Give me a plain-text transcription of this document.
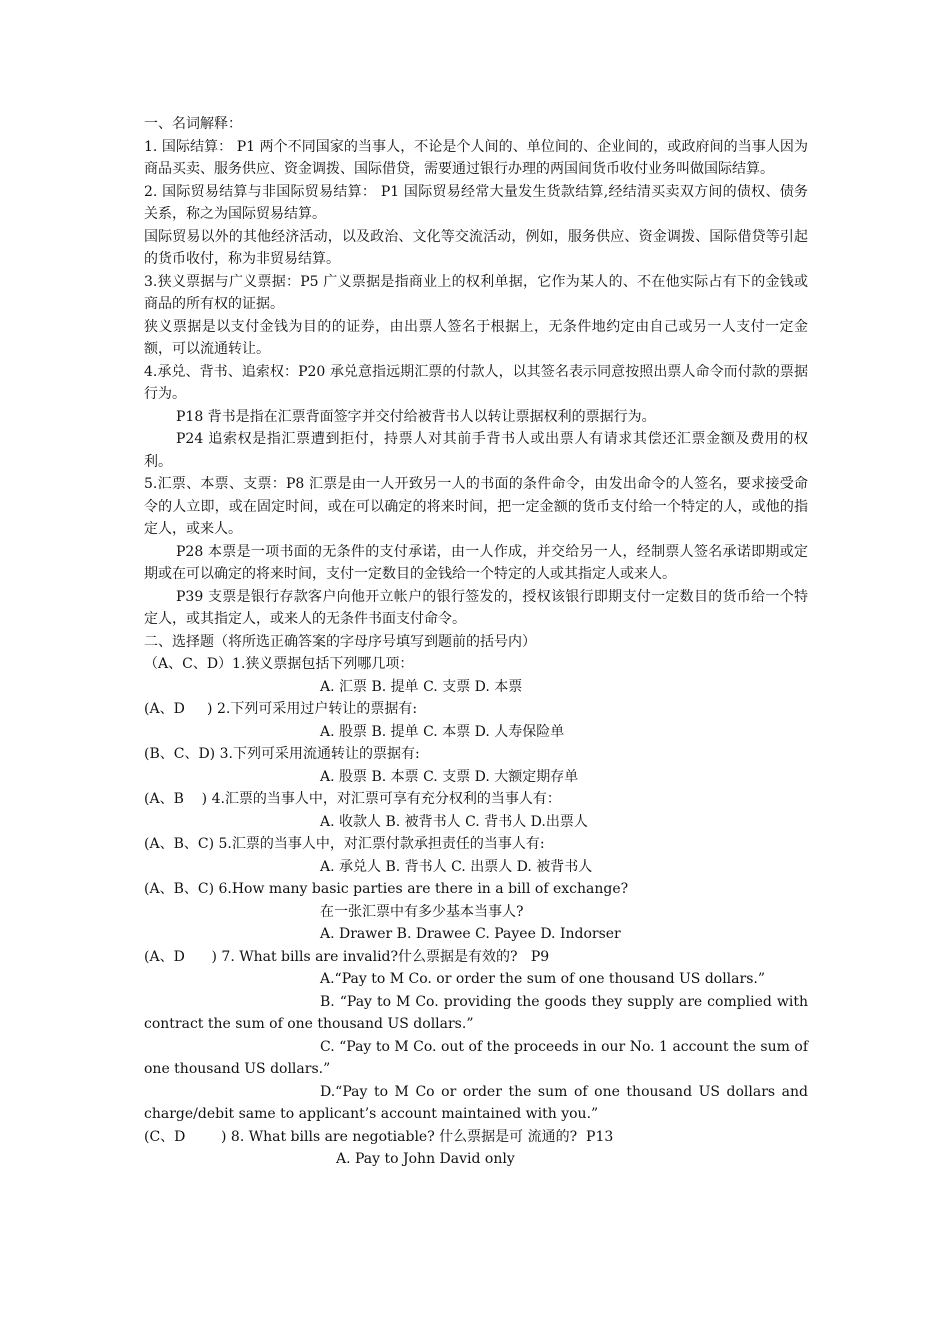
一、名词解释：

1. 国际结算： P1 两个不同国家的当事人，不论是个人间的、单位间的、企业间的，或政府间的当事人因为商品买卖、服务供应、资金调拨、国际借贷，需要通过银行办理的两国间货币收付业务叫做国际结算。

2. 国际贸易结算与非国际贸易结算： P1 国际贸易经常大量发生货款结算,经结清买卖双方间的债权、债务关系，称之为国际贸易结算。

国际贸易以外的其他经济活动，以及政治、文化等交流活动，例如，服务供应、资金调拨、国际借贷等引起的货币收付，称为非贸易结算。

3.狭义票据与广义票据：P5 广义票据是指商业上的权利单据，它作为某人的、不在他实际占有下的金钱或商品的所有权的证据。

狭义票据是以支付金钱为目的的证券，由出票人签名于根据上，无条件地约定由自己或另一人支付一定金额，可以流通转让。

4.承兑、背书、追索权：P20 承兑意指远期汇票的付款人，以其签名表示同意按照出票人命令而付款的票据行为。

P18 背书是指在汇票背面签字并交付给被背书人以转让票据权利的票据行为。

P24 追索权是指汇票遭到拒付，持票人对其前手背书人或出票人有请求其偿还汇票金额及费用的权利。

5.汇票、本票、支票：P8 汇票是由一人开致另一人的书面的条件命令，由发出命令的人签名，要求接受命令的人立即，或在固定时间，或在可以确定的将来时间，把一定金额的货币支付给一个特定的人，或他的指定人，或来人。

P28 本票是一项书面的无条件的支付承诺，由一人作成，并交给另一人，经制票人签名承诺即期或定期或在可以确定的将来时间，支付一定数目的金钱给一个特定的人或其指定人或来人。

P39 支票是银行存款客户向他开立帐户的银行签发的，授权该银行即期支付一定数目的货币给一个特定人，或其指定人，或来人的无条件书面支付命令。

二、选择题（将所选正确答案的字母序号填写到题前的括号内）

（A、C、D）1.狭义票据包括下列哪几项：

A. 汇票 B. 提单 C. 支票 D. 本票

(A、D     ) 2.下列可采用过户转让的票据有:

A. 股票 B. 提单 C. 本票 D. 人寿保险单

(B、C、D) 3.下列可采用流通转让的票据有:

A. 股票 B. 本票 C. 支票 D. 大额定期存单

(A、B    ) 4.汇票的当事人中，对汇票可享有充分权利的当事人有：

A. 收款人 B. 被背书人 C. 背书人 D.出票人

(A、B、C) 5.汇票的当事人中，对汇票付款承担责任的当事人有:

A. 承兑人 B. 背书人 C. 出票人 D. 被背书人

(A、B、C) 6.How many basic parties are there in a bill of exchange?

在一张汇票中有多少基本当事人?

A. Drawer B. Drawee C. Payee D. Indorser

(A、D      ) 7. What bills are invalid?什么票据是有效的?   P9

A.“Pay to M Co. or order the sum of one thousand US dollars.”

B. “Pay to M Co. providing the goods they supply are complied with contract the sum of one thousand US dollars.”

C. “Pay to M Co. out of the proceeds in our No. 1 account the sum of one thousand US dollars.”

D.“Pay to M Co or order the sum of one thousand US dollars and charge/debit same to applicant’s account maintained with you.”

(C、D        ) 8. What bills are negotiable? 什么票据是可 流通的?  P13

A. Pay to John David only
